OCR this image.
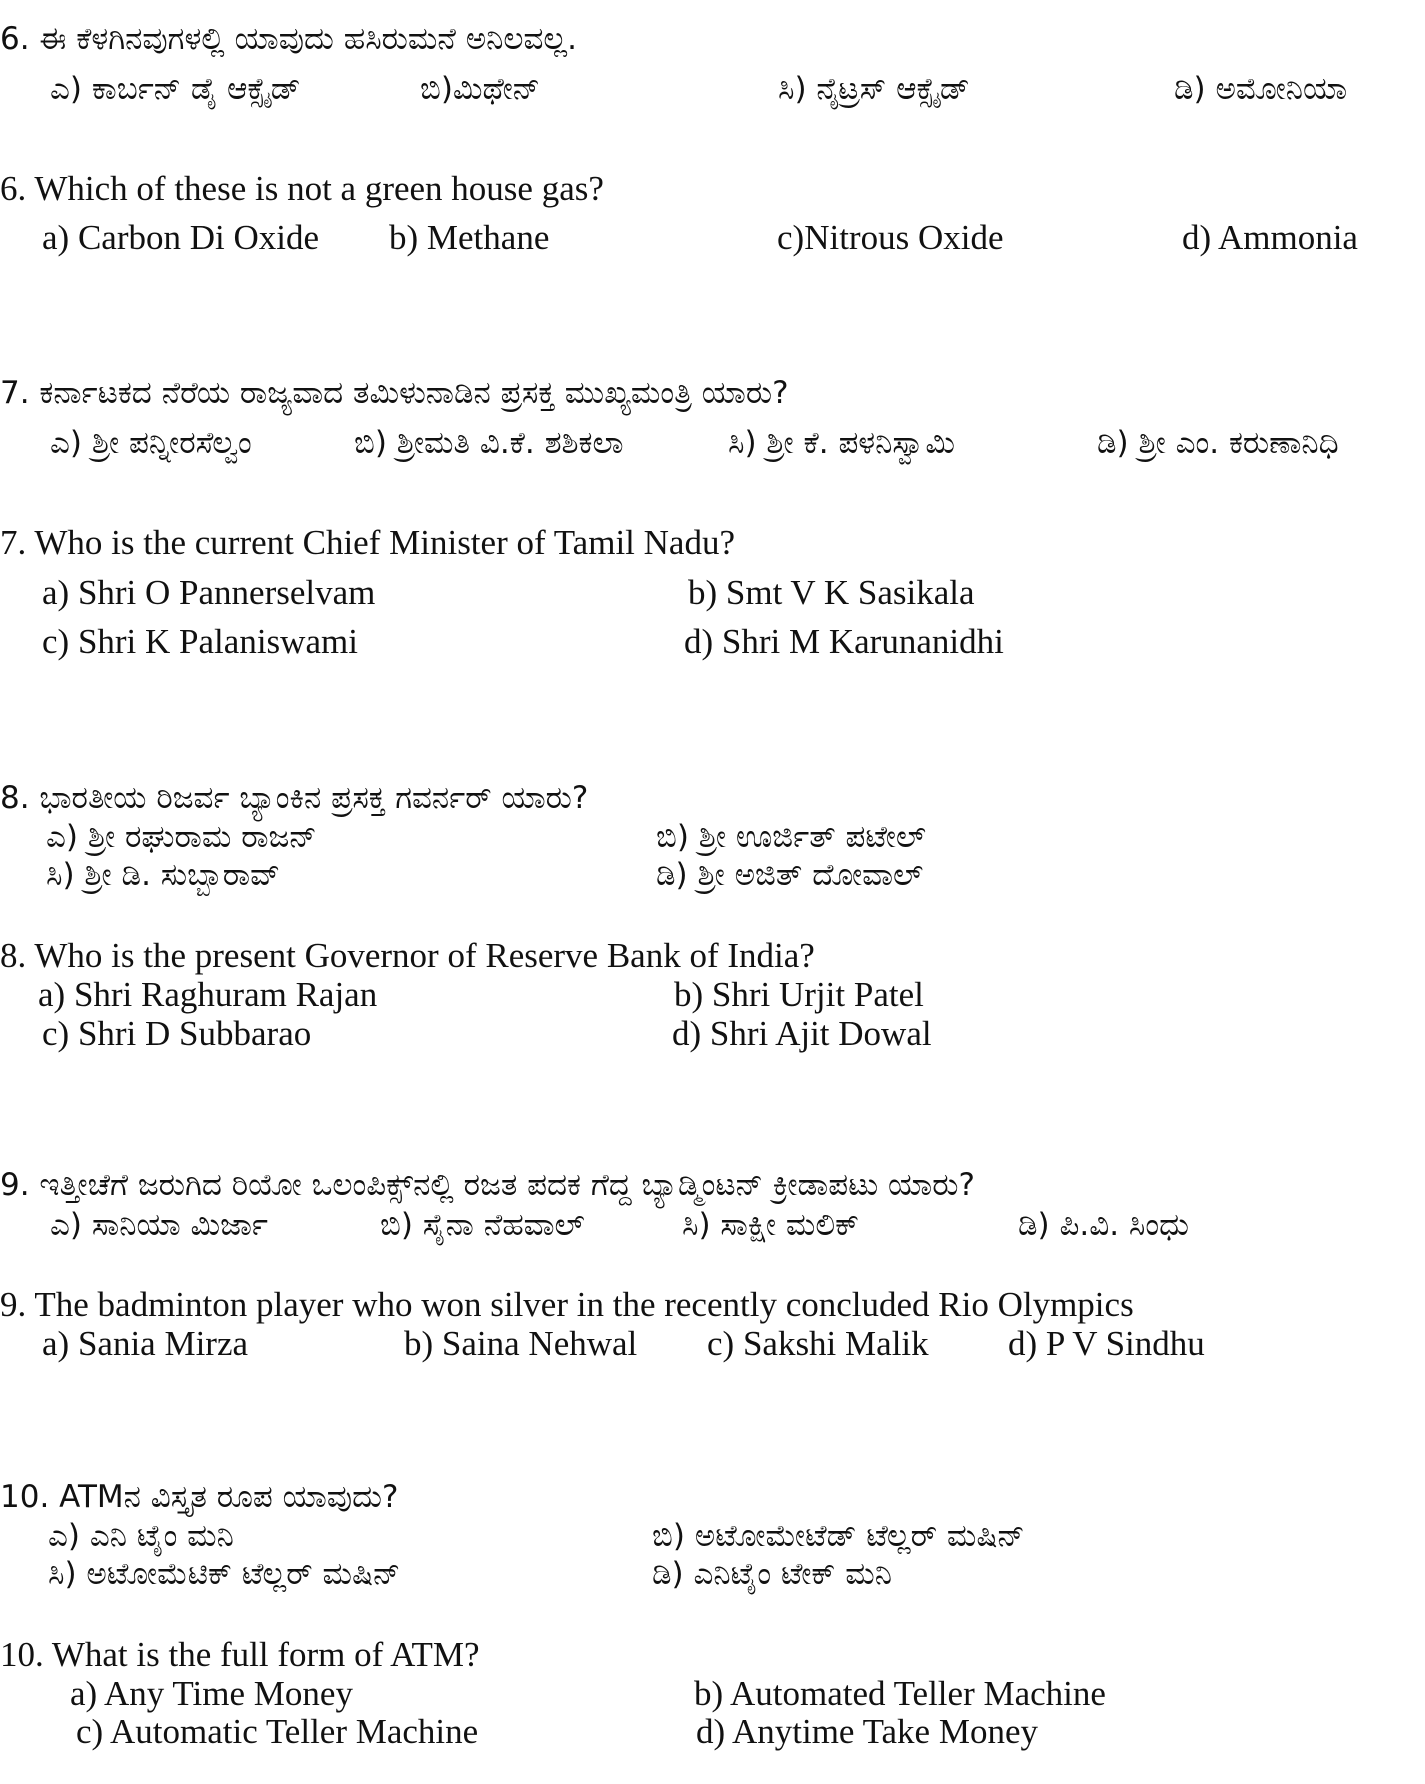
6. ಈ ಕೆಳಗಿನವುಗಳಲ್ಲಿ ಯಾವುದು ಹಸಿರುಮನೆ ಅನಿಲವಲ್ಲ.
ಎ) ಕಾರ್ಬನ್ ಡೈ ಆಕ್ಸೈಡ್	ಬಿ)ಮಿಥೇನ್	ಸಿ) ನೈಟ್ರಸ್ ಆಕ್ಸೈಡ್	ಡಿ) ಅಮೋನಿಯಾ
6. Which of these is not a green house gas?
a) Carbon Di Oxide b) Methane	c)Nitrous Oxide	d) Ammonia
7. ಕರ್ನಾಟಕದ ನೆರೆಯ ರಾಜ್ಯವಾದ ತಮಿಳುನಾಡಿನ ಪ್ರಸಕ್ತ ಮುಖ್ಯಮಂತ್ರಿ ಯಾರು?
ಎ) ಶ್ರೀ ಪನ್ನೀರಸೆಲ್ವಂ	ಬಿ) ಶ್ರೀಮತಿ ವಿ.ಕೆ. ಶಶಿಕಲಾ	ಸಿ) ಶ್ರೀ ಕೆ. ಪಳನಿಸ್ವಾಮಿ	ಡಿ) ಶ್ರೀ ಎಂ. ಕರುಣಾನಿಧಿ
7. Who is the current Chief Minister of Tamil Nadu?
a) Shri O Pannerselvam	b) Smt V K Sasikala
c) Shri K Palaniswami	d) Shri M Karunanidhi
8. ಭಾರತೀಯ ರಿಜರ್ವ ಬ್ಯಾಂಕಿನ ಪ್ರಸಕ್ತ ಗವರ್ನರ್ ಯಾರು?
ಎ) ಶ್ರೀ ರಘುರಾಮ ರಾಜನ್	ಬಿ) ಶ್ರೀ ಊರ್ಜಿತ್ ಪಟೇಲ್
ಸಿ) ಶ್ರೀ ಡಿ. ಸುಬ್ಬಾರಾವ್	ಡಿ) ಶ್ರೀ ಅಜಿತ್ ದೋವಾಲ್
8. Who is the present Governor of Reserve Bank of India?
a) Shri Raghuram Rajan	b) Shri Urjit Patel
c) Shri D Subbarao	d) Shri Ajit Dowal
9. ಇತ್ತೀಚೆಗೆ ಜರುಗಿದ ರಿಯೋ ಒಲಂಪಿಕ್ಸ್‌ನಲ್ಲಿ ರಜತ ಪದಕ ಗೆದ್ದ ಬ್ಯಾಡ್ಮಿಂಟನ್ ಕ್ರೀಡಾಪಟು ಯಾರು?
ಎ) ಸಾನಿಯಾ ಮಿರ್ಜಾ	ಬಿ) ಸೈನಾ ನೆಹವಾಲ್	ಸಿ) ಸಾಕ್ಷೀ ಮಲಿಕ್	ಡಿ) ಪಿ.ವಿ. ಸಿಂಧು
9. The badminton player who won silver in the recently concluded Rio Olympics
a) Sania Mirza	b) Saina Nehwal c) Sakshi Malik d) P V Sindhu
10. ATMನ ವಿಸ್ತೃತ ರೂಪ ಯಾವುದು?
ಎ) ಎನಿ ಟೈಂ ಮನಿ	ಬಿ) ಅಟೋಮೇಟೆಡ್ ಟೆಲ್ಲರ್ ಮಷಿನ್
ಸಿ) ಅಟೋಮೆಟಿಕ್ ಟೆಲ್ಲರ್ ಮಷಿನ್	ಡಿ) ಎನಿಟೈಂ ಟೇಕ್ ಮನಿ
10. What is the full form of ATM?
a) Any Time Money	b) Automated Teller Machine
c) Automatic Teller Machine	d) Anytime Take Money
